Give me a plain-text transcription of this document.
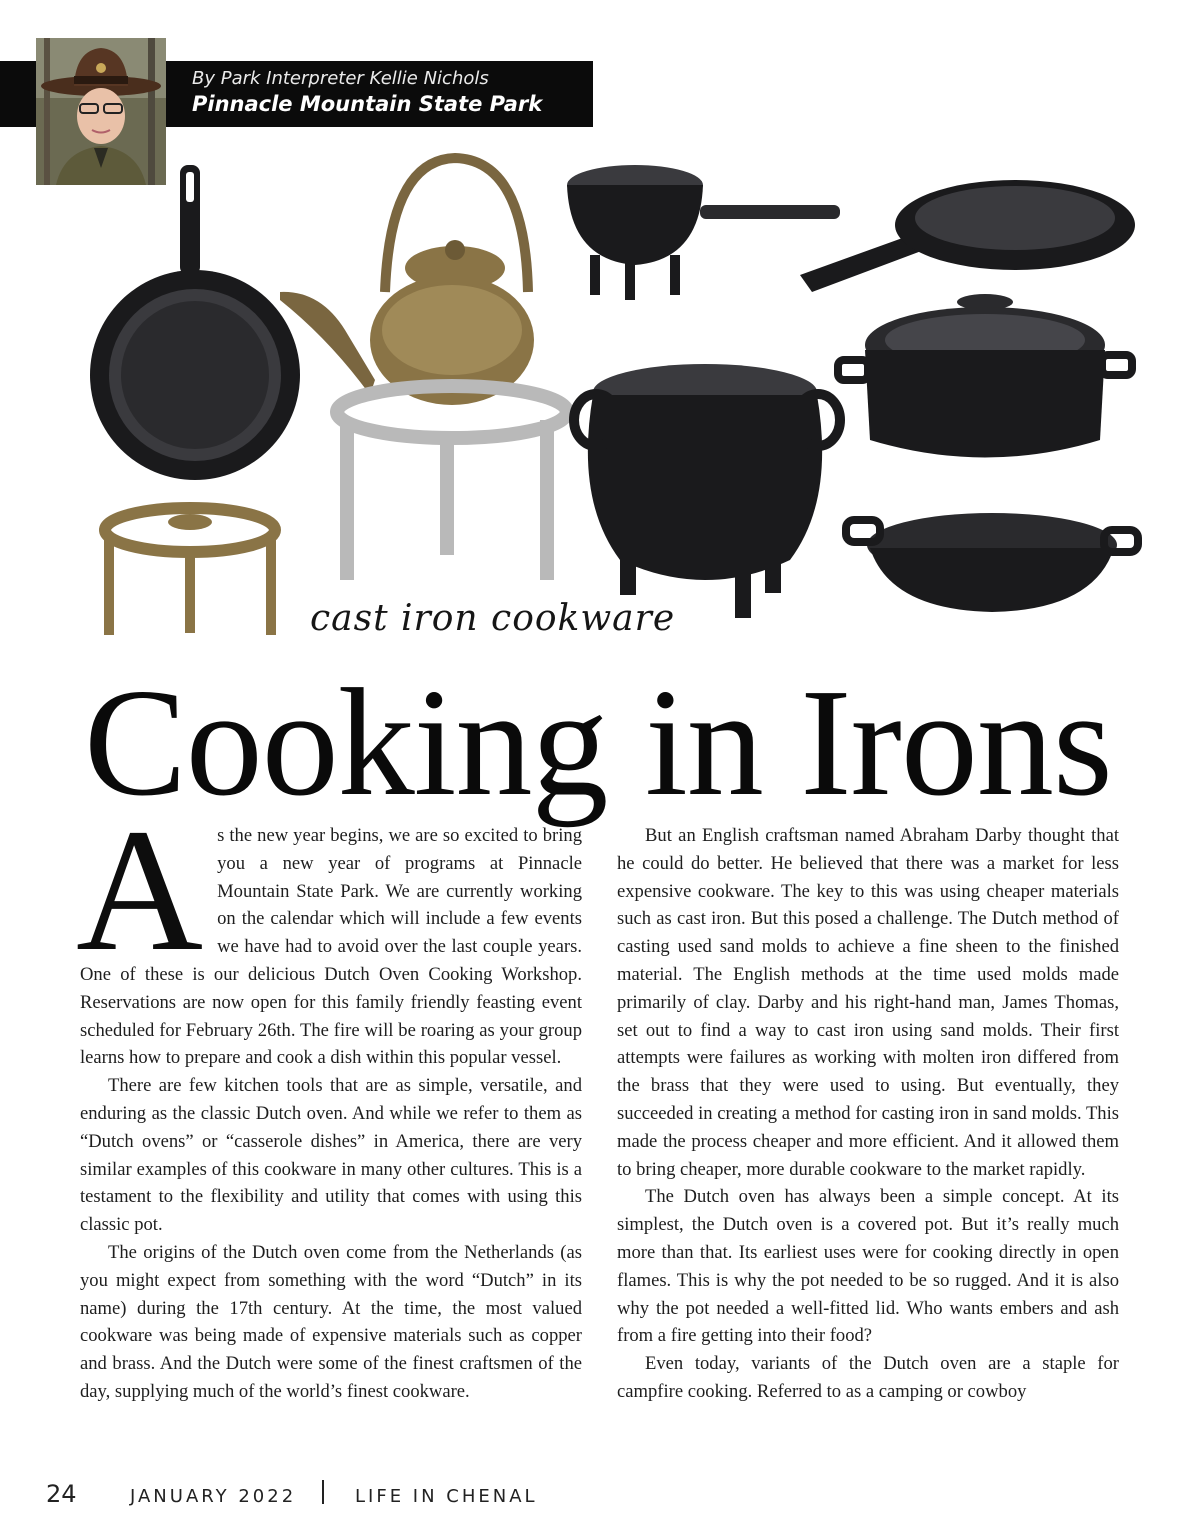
By Park Interpreter Kellie Nichols
Pinnacle Mountain State Park
cast iron cookware
Cooking in Irons
A s the new year begins, we are so excited to bring you a new year of programs at Pinnacle Mountain State Park. We are currently working on the calendar which will include a few events we have had to avoid over the last couple years. One of these is our delicious Dutch Oven Cooking Workshop. Reservations are now open for this family friendly feasting event scheduled for February 26th. The fire will be roaring as your group learns how to prepare and cook a dish within this popular vessel.

There are few kitchen tools that are as simple, versatile, and enduring as the classic Dutch oven. And while we refer to them as “Dutch ovens” or “casserole dishes” in America, there are very similar examples of this cookware in many other cultures. This is a testament to the flexibility and utility that comes with using this classic pot.

The origins of the Dutch oven come from the Netherlands (as you might expect from something with the word “Dutch” in its name) during the 17th century. At the time, the most valued cookware was being made of expensive materials such as copper and brass. And the Dutch were some of the finest craftsmen of the day, supplying much of the world’s finest cookware.

But an English craftsman named Abraham Darby thought that he could do better. He believed that there was a market for less expensive cookware. The key to this was using cheaper materials such as cast iron. But this posed a challenge. The Dutch method of casting used sand molds to achieve a fine sheen to the finished material. The English methods at the time used molds made primarily of clay. Darby and his right-hand man, James Thomas, set out to find a way to cast iron using sand molds. Their first attempts were failures as working with molten iron differed from the brass that they were used to using. But eventually, they succeeded in creating a method for casting iron in sand molds. This made the process cheaper and more efficient. And it allowed them to bring cheaper, more durable cookware to the market rapidly.

The Dutch oven has always been a simple concept. At its simplest, the Dutch oven is a covered pot. But it’s really much more than that. Its earliest uses were for cooking directly in open flames. This is why the pot needed to be so rugged. And it is also why the pot needed a well-fitted lid. Who wants embers and ash from a fire getting into their food?

Even today, variants of the Dutch oven are a staple for campfire cooking. Referred to as a camping or cowboy

24	JANUARY 2022	LIFE IN CHENAL
